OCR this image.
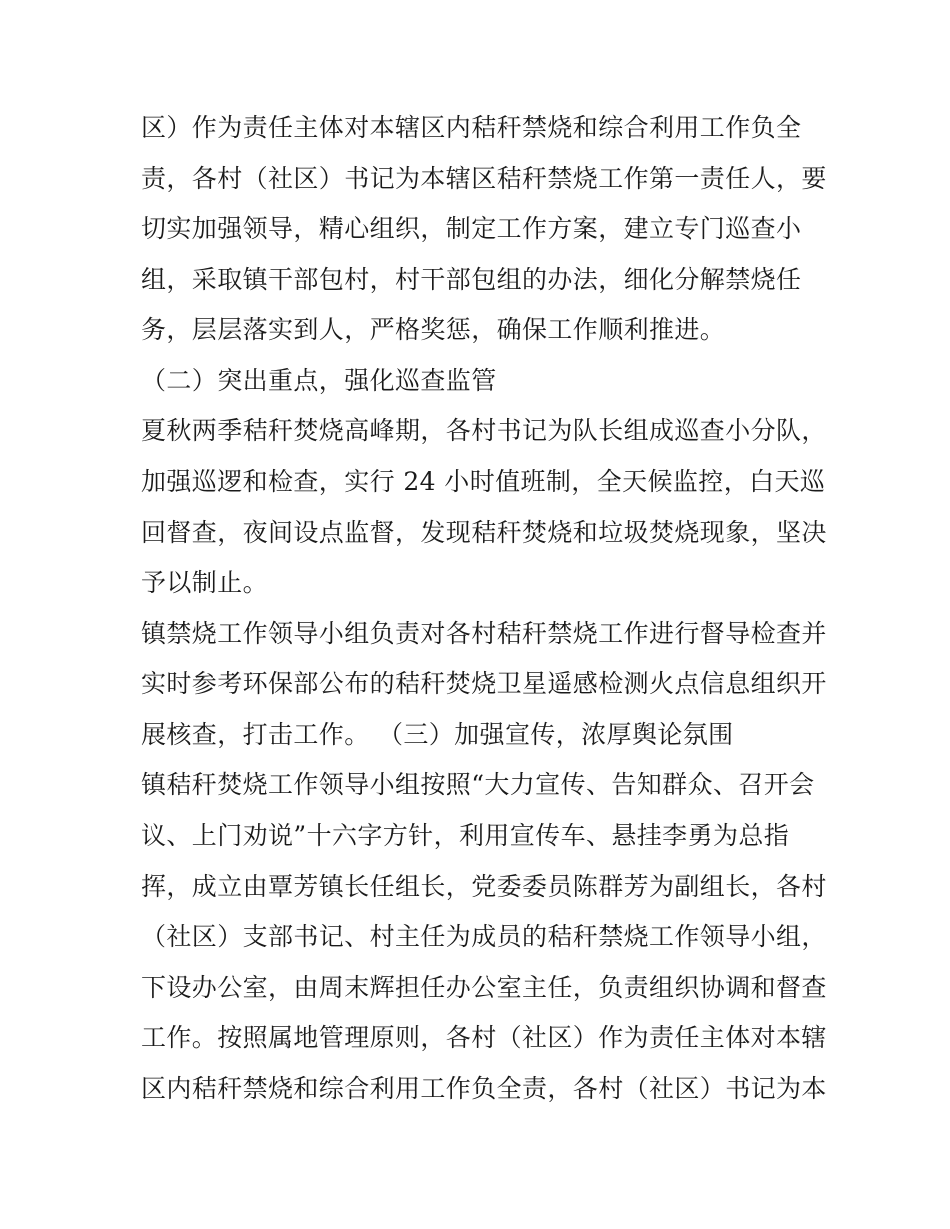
区）作为责任主体对本辖区内秸秆禁烧和综合利用工作负全
责，各村（社区）书记为本辖区秸秆禁烧工作第一责任人，要
切实加强领导，精心组织，制定工作方案，建立专门巡查小
组，采取镇干部包村，村干部包组的办法，细化分解禁烧任
务，层层落实到人，严格奖惩，确保工作顺利推进。
（二）突出重点，强化巡查监管
夏秋两季秸秆焚烧高峰期，各村书记为队长组成巡查小分队，
加强巡逻和检查，实行 24 小时值班制，全天候监控，白天巡
回督查，夜间设点监督，发现秸秆焚烧和垃圾焚烧现象，坚决
予以制止。
镇禁烧工作领导小组负责对各村秸秆禁烧工作进行督导检查并
实时参考环保部公布的秸秆焚烧卫星遥感检测火点信息组织开
展核查，打击工作。 （三）加强宣传，浓厚舆论氛围
镇秸秆焚烧工作领导小组按照“大力宣传、告知群众、召开会
议、上门劝说”十六字方针，利用宣传车、悬挂李勇为总指
挥，成立由覃芳镇长任组长，党委委员陈群芳为副组长，各村
（社区）支部书记、村主任为成员的秸秆禁烧工作领导小组，
下设办公室，由周末辉担任办公室主任，负责组织协调和督查
工作。按照属地管理原则，各村（社区）作为责任主体对本辖
区内秸秆禁烧和综合利用工作负全责，各村（社区）书记为本
